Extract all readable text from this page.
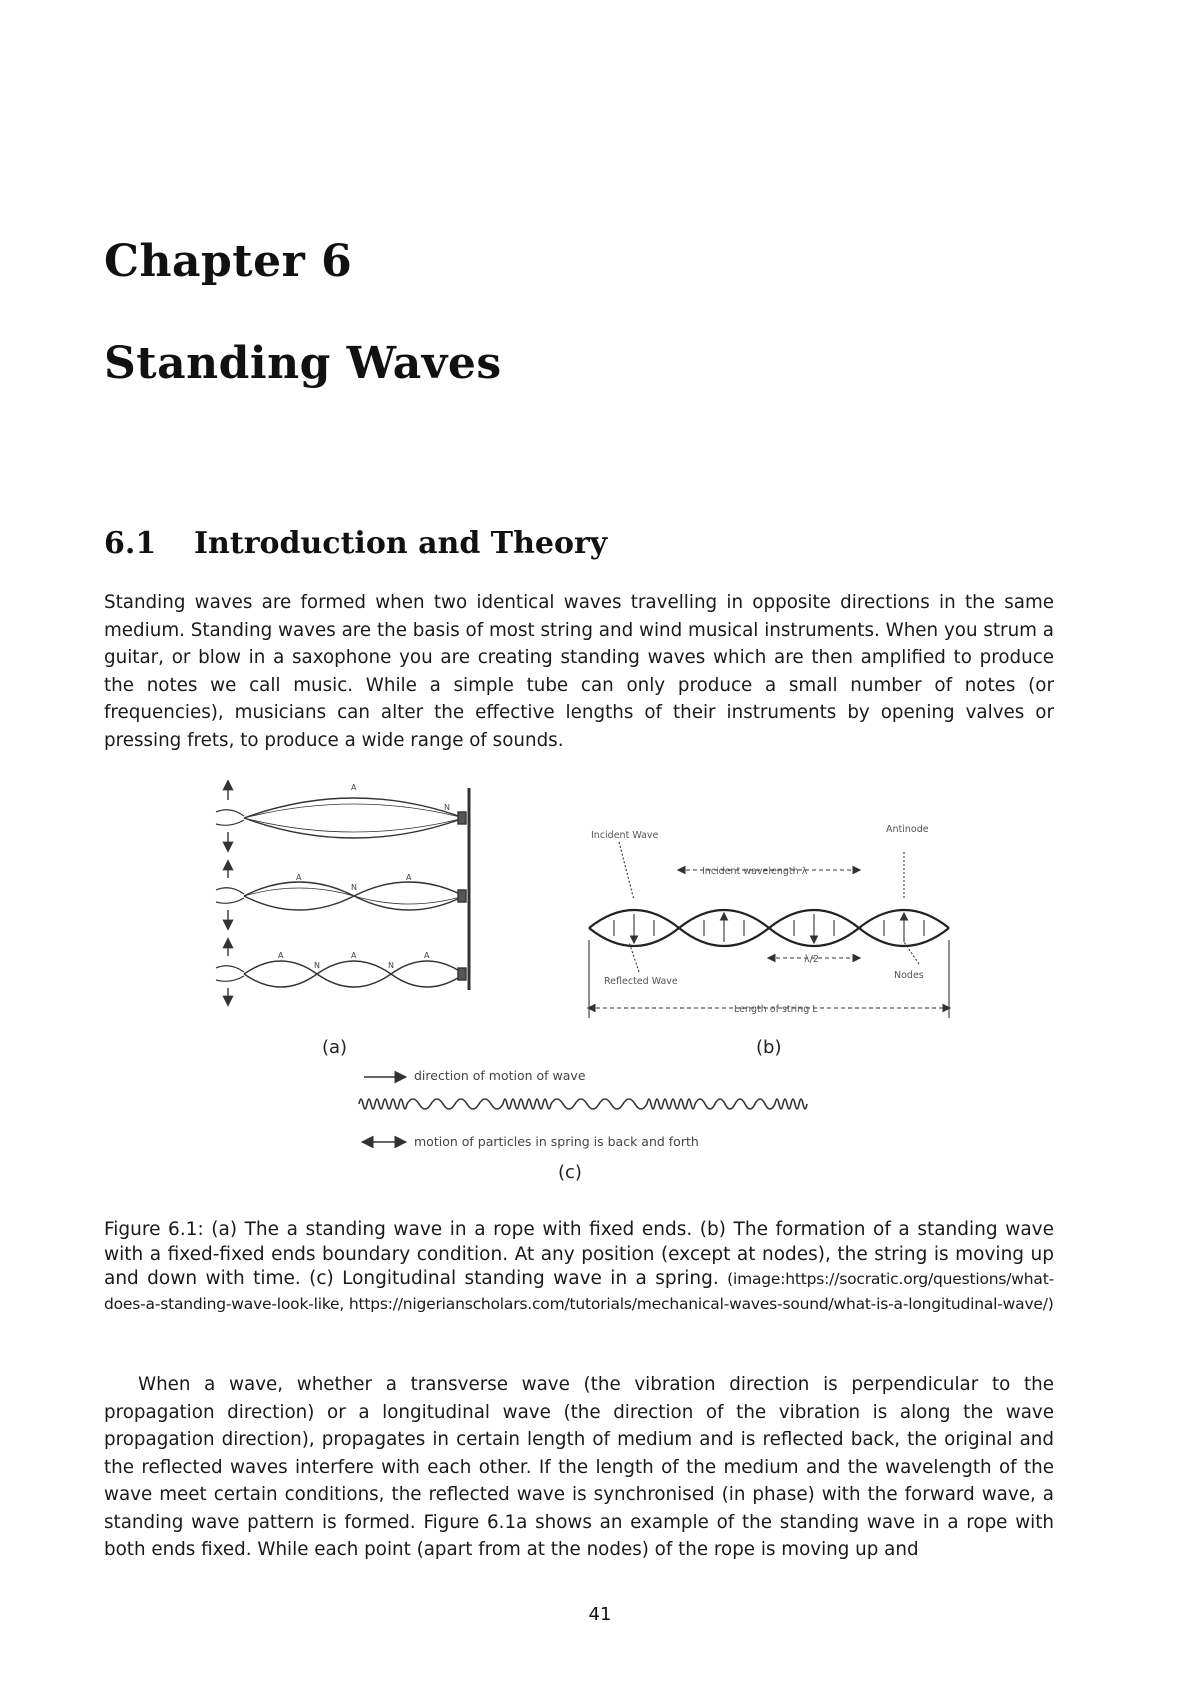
Chapter 6
Standing Waves
6.1 Introduction and Theory

Standing waves are formed when two identical waves travelling in opposite directions in the same medium. Standing waves are the basis of most string and wind musical instruments. When you strum a guitar, or blow in a saxophone you are creating standing waves which are then amplified to produce the notes we call music. While a simple tube can only produce a small number of notes (or frequencies), musicians can alter the effective lengths of their instruments by opening valves or pressing frets, to produce a wide range of sounds.

A
N
A
N
A
A
N
A
N
A
Incident Wave
Incident wavelength λ
Antinode
λ/2
Nodes
Reflected Wave
Length of string L
direction of motion of wave
motion of particles in spring is back and forth
(a)	(b)
(c)

Figure 6.1: (a) The a standing wave in a rope with fixed ends. (b) The formation of a standing wave with a fixed-fixed ends boundary condition. At any position (except at nodes), the string is moving up and down with time. (c) Longitudinal standing wave in a spring. (image:https://socratic.org/questions/what-does-a-standing-wave-look-like, https://nigerianscholars.com/tutorials/mechanical-waves-sound/what-is-a-longitudinal-wave/)

When a wave, whether a transverse wave (the vibration direction is perpendicular to the propagation direction) or a longitudinal wave (the direction of the vibration is along the wave propagation direction), propagates in certain length of medium and is reflected back, the original and the reflected waves interfere with each other. If the length of the medium and the wavelength of the wave meet certain conditions, the reflected wave is synchronised (in phase) with the forward wave, a standing wave pattern is formed. Figure 6.1a shows an example of the standing wave in a rope with both ends fixed. While each point (apart from at the nodes) of the rope is moving up and

41
